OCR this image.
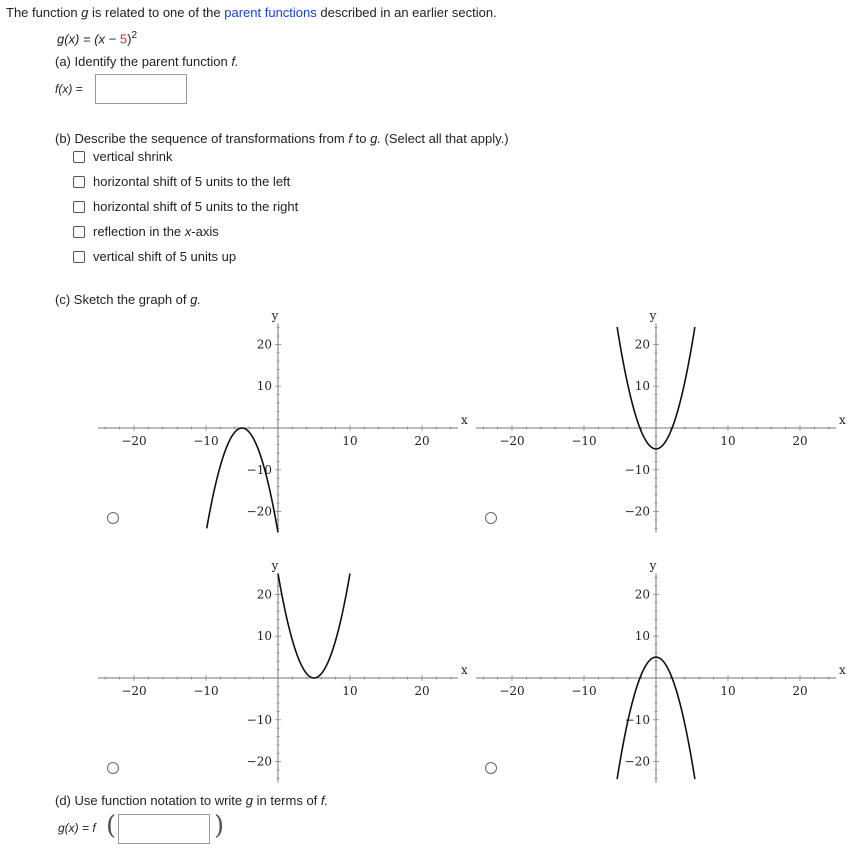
The function g is related to one of the parent functions described in an earlier section.
$g(x) = (x - 5)^2$
(a) Identify the parent function f.
f(x) =
(b) Describe the sequence of transformations from f to g. (Select all that apply.)
vertical shrink
horizontal shift of 5 units to the left
horizontal shift of 5 units to the right
reflection in the x-axis
vertical shift of 5 units up
(c) Sketch the graph of g.
−20	−10	10	20
20
10
−10
−20
x
y
−20	−10	10	20
20
10
−10
−20
x
y
−20	−10	10	20
20
10
−10
−20
x
y
−20	−10	10	20
20
10
−10
−20
x
y
(d) Use function notation to write g in terms of f.
g(x) = f (	)
